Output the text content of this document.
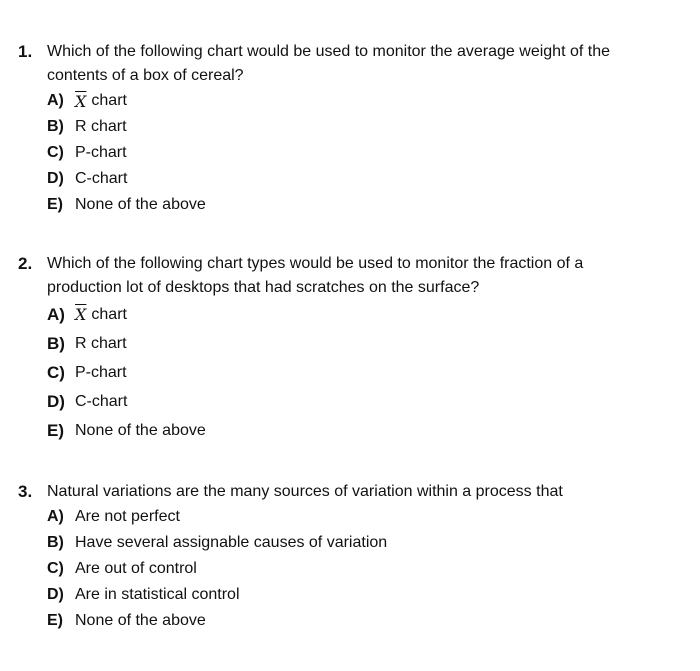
1. Which of the following chart would be used to monitor the average weight of the
contents of a box of cereal?
A) $\overline{X}$ chart
B) R chart
C) P-chart
D) C-chart
E) None of the above
2. Which of the following chart types would be used to monitor the fraction of a
production lot of desktops that had scratches on the surface?
A) $\overline{X}$ chart
B) R chart
C) P-chart
D) C-chart
E) None of the above
3. Natural variations are the many sources of variation within a process that
A) Are not perfect
B) Have several assignable causes of variation
C) Are out of control
D) Are in statistical control
E) None of the above
